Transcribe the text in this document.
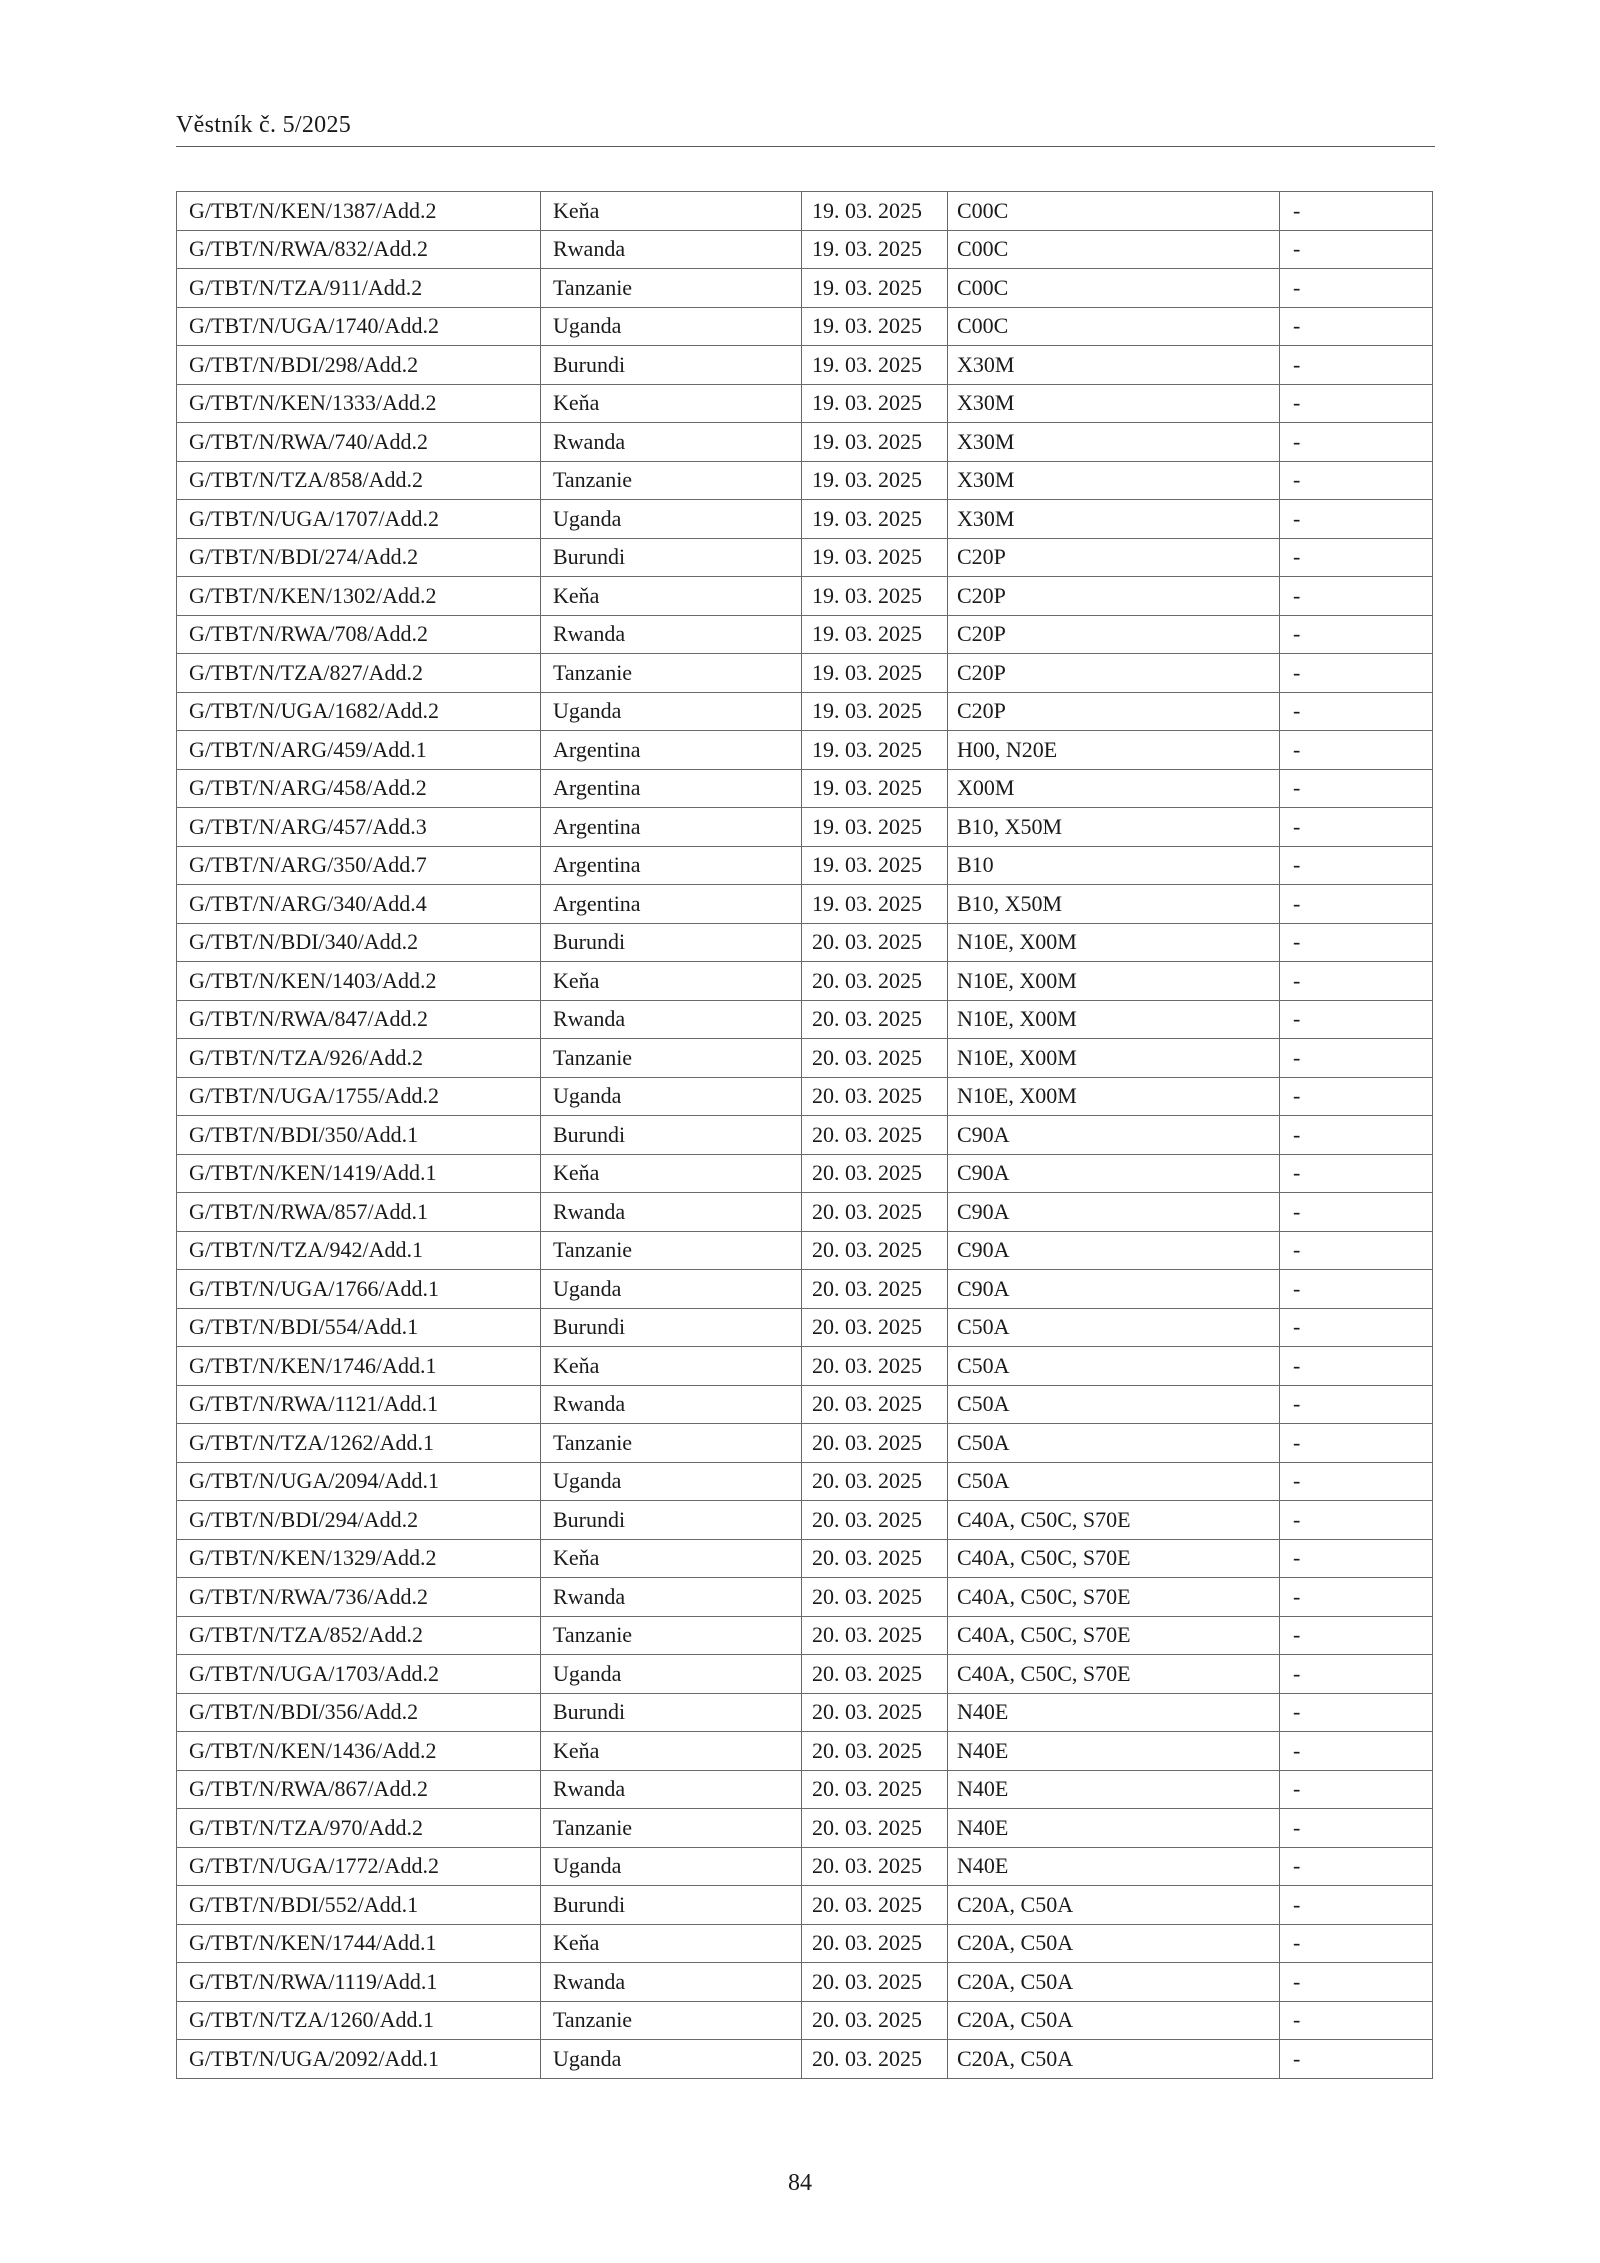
Věstník č. 5/2025
G/TBT/N/KEN/1387/Add.2	Keňa	19. 03. 2025	C00C	-
G/TBT/N/RWA/832/Add.2	Rwanda	19. 03. 2025	C00C	-
G/TBT/N/TZA/911/Add.2	Tanzanie	19. 03. 2025	C00C	-
G/TBT/N/UGA/1740/Add.2	Uganda	19. 03. 2025	C00C	-
G/TBT/N/BDI/298/Add.2	Burundi	19. 03. 2025	X30M	-
G/TBT/N/KEN/1333/Add.2	Keňa	19. 03. 2025	X30M	-
G/TBT/N/RWA/740/Add.2	Rwanda	19. 03. 2025	X30M	-
G/TBT/N/TZA/858/Add.2	Tanzanie	19. 03. 2025	X30M	-
G/TBT/N/UGA/1707/Add.2	Uganda	19. 03. 2025	X30M	-
G/TBT/N/BDI/274/Add.2	Burundi	19. 03. 2025	C20P	-
G/TBT/N/KEN/1302/Add.2	Keňa	19. 03. 2025	C20P	-
G/TBT/N/RWA/708/Add.2	Rwanda	19. 03. 2025	C20P	-
G/TBT/N/TZA/827/Add.2	Tanzanie	19. 03. 2025	C20P	-
G/TBT/N/UGA/1682/Add.2	Uganda	19. 03. 2025	C20P	-
G/TBT/N/ARG/459/Add.1	Argentina	19. 03. 2025	H00, N20E	-
G/TBT/N/ARG/458/Add.2	Argentina	19. 03. 2025	X00M	-
G/TBT/N/ARG/457/Add.3	Argentina	19. 03. 2025	B10, X50M	-
G/TBT/N/ARG/350/Add.7	Argentina	19. 03. 2025	B10	-
G/TBT/N/ARG/340/Add.4	Argentina	19. 03. 2025	B10, X50M	-
G/TBT/N/BDI/340/Add.2	Burundi	20. 03. 2025	N10E, X00M	-
G/TBT/N/KEN/1403/Add.2	Keňa	20. 03. 2025	N10E, X00M	-
G/TBT/N/RWA/847/Add.2	Rwanda	20. 03. 2025	N10E, X00M	-
G/TBT/N/TZA/926/Add.2	Tanzanie	20. 03. 2025	N10E, X00M	-
G/TBT/N/UGA/1755/Add.2	Uganda	20. 03. 2025	N10E, X00M	-
G/TBT/N/BDI/350/Add.1	Burundi	20. 03. 2025	C90A	-
G/TBT/N/KEN/1419/Add.1	Keňa	20. 03. 2025	C90A	-
G/TBT/N/RWA/857/Add.1	Rwanda	20. 03. 2025	C90A	-
G/TBT/N/TZA/942/Add.1	Tanzanie	20. 03. 2025	C90A	-
G/TBT/N/UGA/1766/Add.1	Uganda	20. 03. 2025	C90A	-
G/TBT/N/BDI/554/Add.1	Burundi	20. 03. 2025	C50A	-
G/TBT/N/KEN/1746/Add.1	Keňa	20. 03. 2025	C50A	-
G/TBT/N/RWA/1121/Add.1	Rwanda	20. 03. 2025	C50A	-
G/TBT/N/TZA/1262/Add.1	Tanzanie	20. 03. 2025	C50A	-
G/TBT/N/UGA/2094/Add.1	Uganda	20. 03. 2025	C50A	-
G/TBT/N/BDI/294/Add.2	Burundi	20. 03. 2025	C40A, C50C, S70E	-
G/TBT/N/KEN/1329/Add.2	Keňa	20. 03. 2025	C40A, C50C, S70E	-
G/TBT/N/RWA/736/Add.2	Rwanda	20. 03. 2025	C40A, C50C, S70E	-
G/TBT/N/TZA/852/Add.2	Tanzanie	20. 03. 2025	C40A, C50C, S70E	-
G/TBT/N/UGA/1703/Add.2	Uganda	20. 03. 2025	C40A, C50C, S70E	-
G/TBT/N/BDI/356/Add.2	Burundi	20. 03. 2025	N40E	-
G/TBT/N/KEN/1436/Add.2	Keňa	20. 03. 2025	N40E	-
G/TBT/N/RWA/867/Add.2	Rwanda	20. 03. 2025	N40E	-
G/TBT/N/TZA/970/Add.2	Tanzanie	20. 03. 2025	N40E	-
G/TBT/N/UGA/1772/Add.2	Uganda	20. 03. 2025	N40E	-
G/TBT/N/BDI/552/Add.1	Burundi	20. 03. 2025	C20A, C50A	-
G/TBT/N/KEN/1744/Add.1	Keňa	20. 03. 2025	C20A, C50A	-
G/TBT/N/RWA/1119/Add.1	Rwanda	20. 03. 2025	C20A, C50A	-
G/TBT/N/TZA/1260/Add.1	Tanzanie	20. 03. 2025	C20A, C50A	-
G/TBT/N/UGA/2092/Add.1	Uganda	20. 03. 2025	C20A, C50A	-
84
